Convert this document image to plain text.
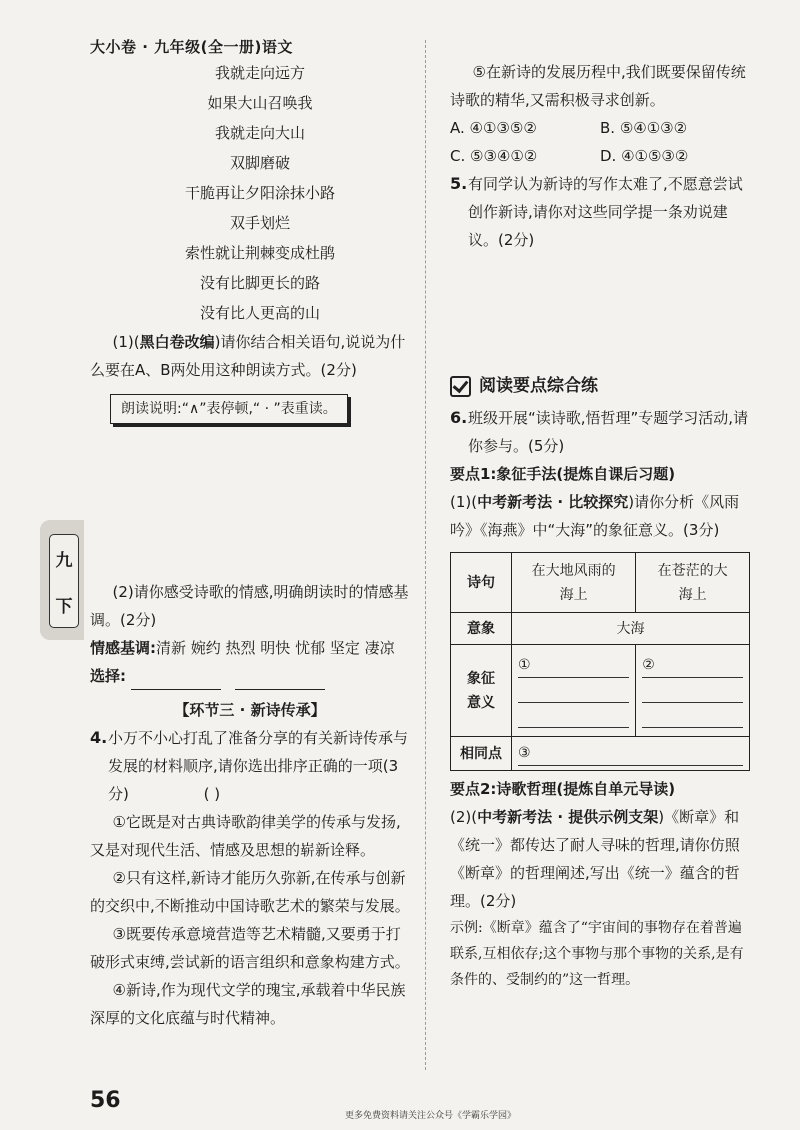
大小卷 · 九年级(全一册)语文
九
下
我就走向远方
如果大山召唤我
我就走向大山
双脚磨破
干脆再让夕阳涂抹小路
双手划烂
索性就让荆棘变成杜鹃
没有比脚更长的路
没有比人更高的山

(1)(黑白卷改编)请你结合相关语句,说说为什么要在A、B两处用这种朗读方式。(2分)

朗读说明:“∧”表停顿,“ · ”表重读。

(2)请你感受诗歌的情感,明确朗读时的情感基调。(2分)

情感基调:清新 婉约 热烈 明快 忧郁 坚定 凄凉

选择:

【环节三 · 新诗传承】
4. 小万不小心打乱了准备分享的有关新诗传承与发展的材料顺序,请你选出排序正确的一项(3分)	( )

①它既是对古典诗歌韵律美学的传承与发扬,又是对现代生活、情感及思想的崭新诠释。

②只有这样,新诗才能历久弥新,在传承与创新的交织中,不断推动中国诗歌艺术的繁荣与发展。

③既要传承意境营造等艺术精髓,又要勇于打破形式束缚,尝试新的语言组织和意象构建方式。

④新诗,作为现代文学的瑰宝,承载着中华民族深厚的文化底蕴与时代精神。

⑤在新诗的发展历程中,我们既要保留传统诗歌的精华,又需积极寻求创新。

A. ④①③⑤②	B. ⑤④①③②
C. ⑤③④①②	D. ④①⑤③②
5. 有同学认为新诗的写作太难了,不愿意尝试创作新诗,请你对这些同学提一条劝说建议。(2分)
阅读要点综合练
6. 班级开展“读诗歌,悟哲理”专题学习活动,请你参与。(5分)

要点1:象征手法(提炼自课后习题)

(1)(中考新考法 · 比较探究)请你分析《风雨吟》《海燕》中“大海”的象征意义。(3分)

诗句	在大地风雨的海上	在苍茫的大海上
意象	大海	
象征意义	①	②

相同点	③	

要点2:诗歌哲理(提炼自单元导读)

(2)(中考新考法 · 提供示例支架)《断章》和《统一》都传达了耐人寻味的哲理,请你仿照《断章》的哲理阐述,写出《统一》蕴含的哲理。(2分)

示例:《断章》蕴含了“宇宙间的事物存在着普遍联系,互相依存;这个事物与那个事物的关系,是有条件的、受制约的”这一哲理。

56
更多免费资料请关注公众号《学霸乐学园》
